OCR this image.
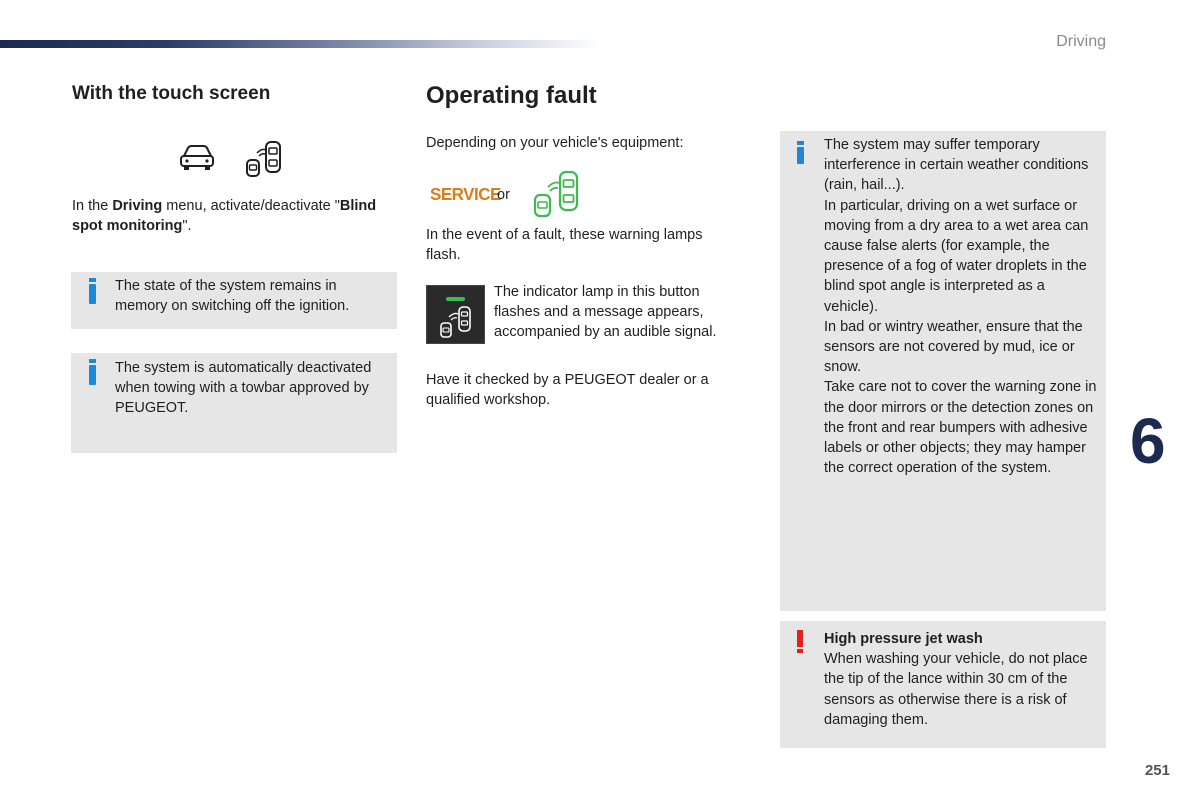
Driving
With the touch screen

In the Driving menu, activate/deactivate "Blind spot monitoring".

The state of the system remains in memory on switching off the ignition.

The system is automatically deactivated when towing with a towbar approved by PEUGEOT.

Operating fault

Depending on your vehicle's equipment:

SERVICE
or

In the event of a fault, these warning lamps flash.

The indicator lamp in this button flashes and a message appears, accompanied by an audible signal.

Have it checked by a PEUGEOT dealer or a qualified workshop.

The system may suffer temporary interference in certain weather conditions (rain, hail...).

In particular, driving on a wet surface or moving from a dry area to a wet area can cause false alerts (for example, the presence of a fog of water droplets in the blind spot angle is interpreted as a vehicle).

In bad or wintry weather, ensure that the sensors are not covered by mud, ice or snow.

Take care not to cover the warning zone in the door mirrors or the detection zones on the front and rear bumpers with adhesive labels or other objects; they may hamper the correct operation of the system.

High pressure jet wash

When washing your vehicle, do not place the tip of the lance within 30 cm of the sensors as otherwise there is a risk of damaging them.

6
251
